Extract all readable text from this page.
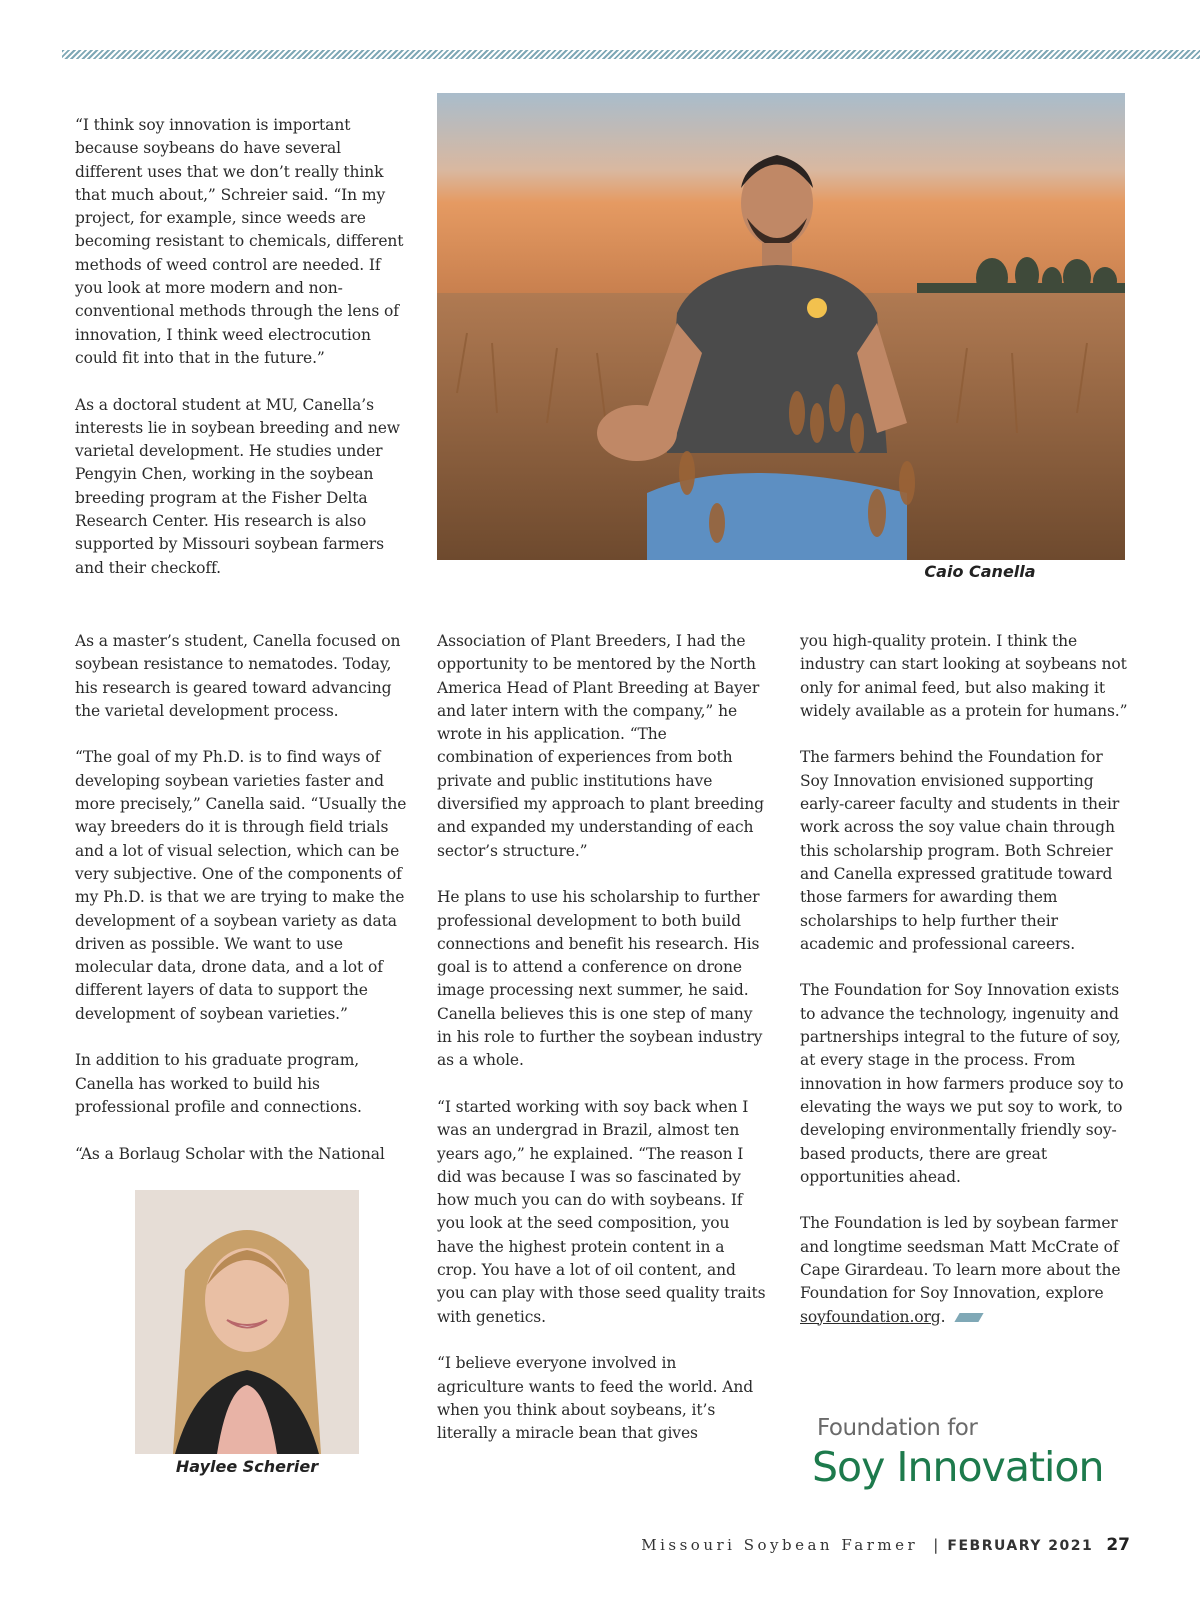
“I think soy innovation is important because soybeans do have several different uses that we don’t really think that much about,” Schreier said. “In my project, for example, since weeds are becoming resistant to chemicals, different methods of weed control are needed. If you look at more modern and non-conventional methods through the lens of innovation, I think weed electrocution could fit into that in the future.”

As a doctoral student at MU, Canella’s interests lie in soybean breeding and new varietal development. He studies under Pengyin Chen, working in the soybean breeding program at the Fisher Delta Research Center. His research is also supported by Missouri soybean farmers and their checkoff.	Caio Canella

As a master’s student, Canella focused on soybean resistance to nematodes. Today, his research is geared toward advancing the varietal development process.

“The goal of my Ph.D. is to find ways of developing soybean varieties faster and more precisely,” Canella said. “Usually the way breeders do it is through field trials and a lot of visual selection, which can be very subjective. One of the components of my Ph.D. is that we are trying to make the development of a soybean variety as data driven as possible. We want to use molecular data, drone data, and a lot of different layers of data to support the development of soybean varieties.”

In addition to his graduate program, Canella has worked to build his professional profile and connections.

“As a Borlaug Scholar with the National

Haylee Scherier

Association of Plant Breeders, I had the opportunity to be mentored by the North America Head of Plant Breeding at Bayer and later intern with the company,” he wrote in his application. “The combination of experiences from both private and public institutions have diversified my approach to plant breeding and expanded my understanding of each sector’s structure.”

He plans to use his scholarship to further professional development to both build connections and benefit his research. His goal is to attend a conference on drone image processing next summer, he said. Canella believes this is one step of many in his role to further the soybean industry as a whole.

“I started working with soy back when I was an undergrad in Brazil, almost ten years ago,” he explained. “The reason I did was because I was so fascinated by how much you can do with soybeans. If you look at the seed composition, you have the highest protein content in a crop. You have a lot of oil content, and you can play with those seed quality traits with genetics.

“I believe everyone involved in agriculture wants to feed the world. And when you think about soybeans, it’s literally a miracle bean that gives

you high-quality protein. I think the industry can start looking at soybeans not only for animal feed, but also making it widely available as a protein for humans.”

The farmers behind the Foundation for Soy Innovation envisioned supporting early-career faculty and students in their work across the soy value chain through this scholarship program. Both Schreier and Canella expressed gratitude toward those farmers for awarding them scholarships to help further their academic and professional careers.

The Foundation for Soy Innovation exists to advance the technology, ingenuity and partnerships integral to the future of soy, at every stage in the process. From innovation in how farmers produce soy to elevating the ways we put soy to work, to developing environmentally friendly soy-based products, there are great opportunities ahead.

The Foundation is led by soybean farmer and longtime seedsman Matt McCrate of Cape Girardeau. To learn more about the Foundation for Soy Innovation, explore soyfoundation.org.

Foundation for
Soy Innovation
Missouri Soybean Farmer | FEBRUARY 2021 27
